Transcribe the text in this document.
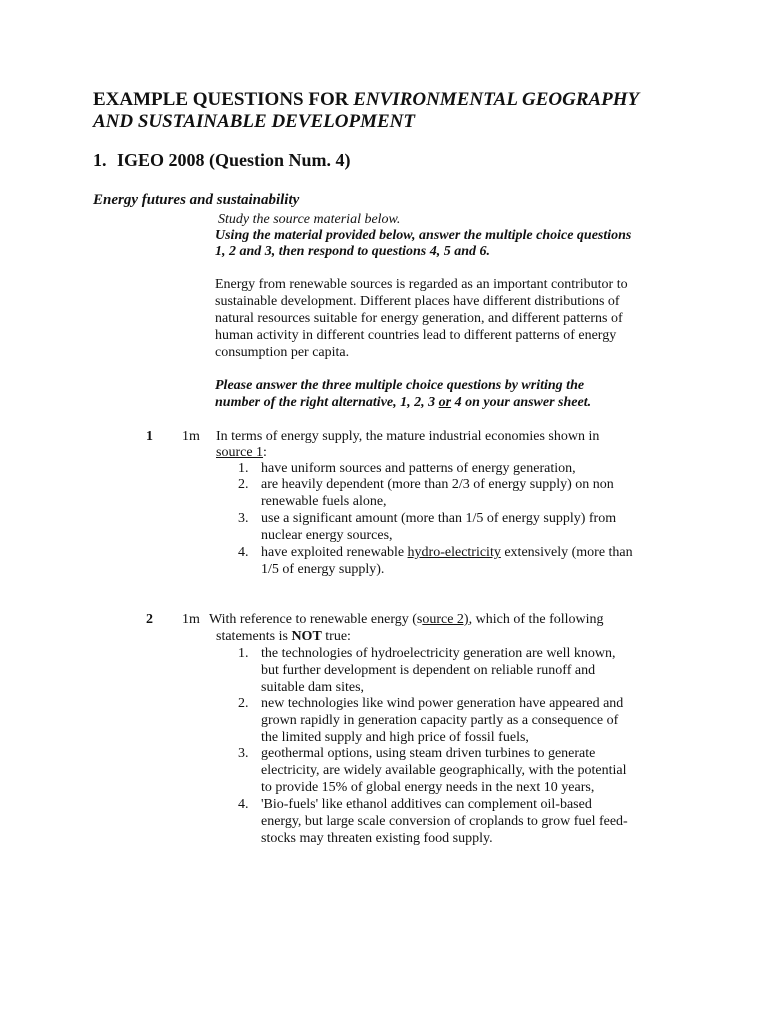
EXAMPLE QUESTIONS FOR ENVIRONMENTAL GEOGRAPHY
AND SUSTAINABLE DEVELOPMENT
1. IGEO 2008 (Question Num. 4)
Energy futures and sustainability
Study the source material below.
Using the material provided below, answer the multiple choice questions
1, 2 and 3, then respond to questions 4, 5 and 6.
Energy from renewable sources is regarded as an important contributor to
sustainable development. Different places have different distributions of
natural resources suitable for energy generation, and different patterns of
human activity in different countries lead to different patterns of energy
consumption per capita.
Please answer the three multiple choice questions by writing the
number of the right alternative, 1, 2, 3 or 4 on your answer sheet.
1 1m In terms of energy supply, the mature industrial economies shown in
source 1:
1. have uniform sources and patterns of energy generation,
2. are heavily dependent (more than 2/3 of energy supply) on non
renewable fuels alone,
3. use a significant amount (more than 1/5 of energy supply) from
nuclear energy sources,
4. have exploited renewable hydro-electricity extensively (more than
1/5 of energy supply).
2 1m With reference to renewable energy (source 2), which of the following
statements is NOT true:
1. the technologies of hydroelectricity generation are well known,
but further development is dependent on reliable runoff and
suitable dam sites,
2. new technologies like wind power generation have appeared and
grown rapidly in generation capacity partly as a consequence of
the limited supply and high price of fossil fuels,
3. geothermal options, using steam driven turbines to generate
electricity, are widely available geographically, with the potential
to provide 15% of global energy needs in the next 10 years,
4. 'Bio-fuels' like ethanol additives can complement oil-based
energy, but large scale conversion of croplands to grow fuel feed-
stocks may threaten existing food supply.
